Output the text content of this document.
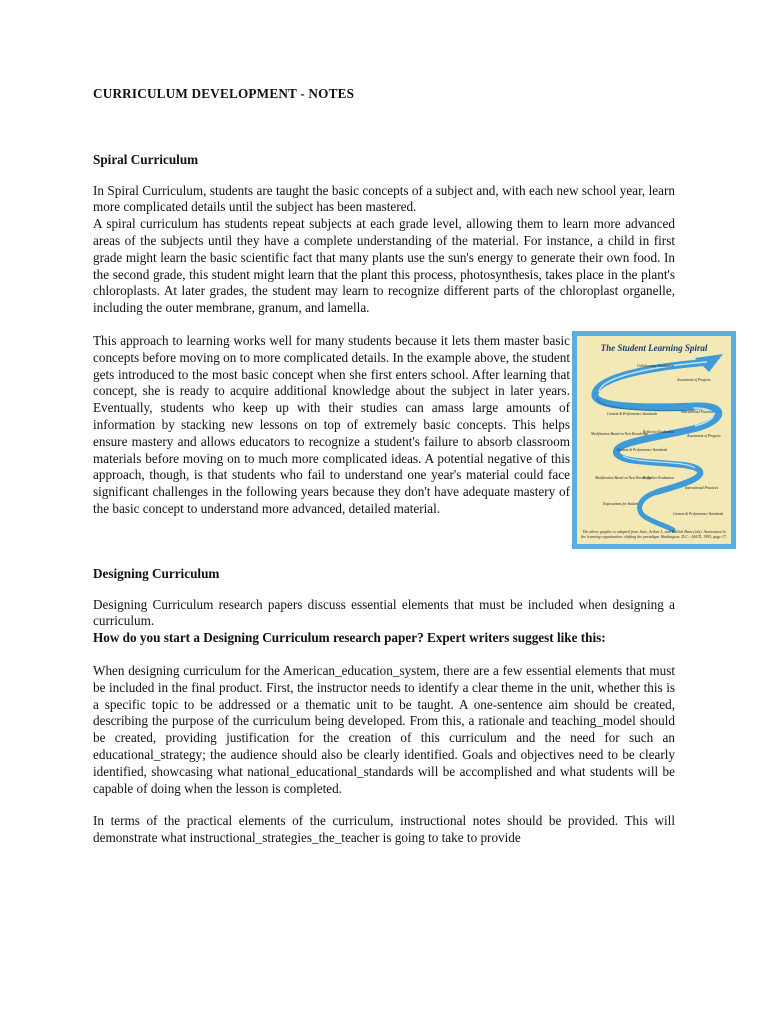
CURRICULUM DEVELOPMENT - NOTES

Spiral Curriculum

In Spiral Curriculum, students are taught the basic concepts of a subject and, with each new school year, learn more complicated details until the subject has been mastered.

A spiral curriculum has students repeat subjects at each grade level, allowing them to learn more advanced areas of the subjects until they have a complete understanding of the material. For instance, a child in first grade might learn the basic scientific fact that many plants use the sun's energy to generate their own food. In the second grade, this student might learn that the plant this process, photosynthesis, takes place in the plant's chloroplasts. At later grades, the student may learn to recognize different parts of the chloroplast organelle, including the outer membrane, granum, and lamella.

This approach to learning works well for many students because it lets them master basic concepts before moving on to more complicated details. In the example above, the student gets introduced to the most basic concept when she first enters school. After learning that concept, she is ready to acquire additional knowledge about the subject in later years. Eventually, students who keep up with their studies can amass large amounts of information by stacking new lessons on top of extremely basic concepts. This helps ensure mastery and allows educators to recognize a student's failure to absorb classroom materials before moving on to much more complicated ideas. A potential negative of this approach, though, is that students who fail to understand one year's material could face significant challenges in the following years because they don't have adequate mastery of the basic concept to understand more advanced, detailed material.

The Student Learning Spiral
Collaborative Evaluation
Assessment of Progress
Content & Performance Standards	Instructional Practices
Modification Based on New Knowledge
Reflective Evaluation
Assessment of Progress
Content & Performance Standards
Modification Based on New Knowledge
Reflective Evaluation
Instructional Practices
Expectations for Student
Content & Performance Standards
The above graphic is adapted from Jane, Arthur L. and Kallick Bena (eds). Assessment in the learning organization: shifting the paradigm. Washington, D.C.: ASCD, 1995, page 17.

Designing Curriculum

Designing Curriculum research papers discuss essential elements that must be included when designing a curriculum.

How do you start a Designing Curriculum research paper? Expert writers suggest like this:

When designing curriculum for the American_education_system, there are a few essential elements that must be included in the final product. First, the instructor needs to identify a clear theme in the unit, whether this is a specific topic to be addressed or a thematic unit to be taught. A one-sentence aim should be created, describing the purpose of the curriculum being developed. From this, a rationale and teaching_model should be created, providing justification for the creation of this curriculum and the need for such an educational_strategy; the audience should also be clearly identified. Goals and objectives need to be clearly identified, showcasing what national_educational_standards will be accomplished and what students will be capable of doing when the lesson is completed.

In terms of the practical elements of the curriculum, instructional notes should be provided. This will demonstrate what instructional_strategies_the_teacher is going to take to provide
